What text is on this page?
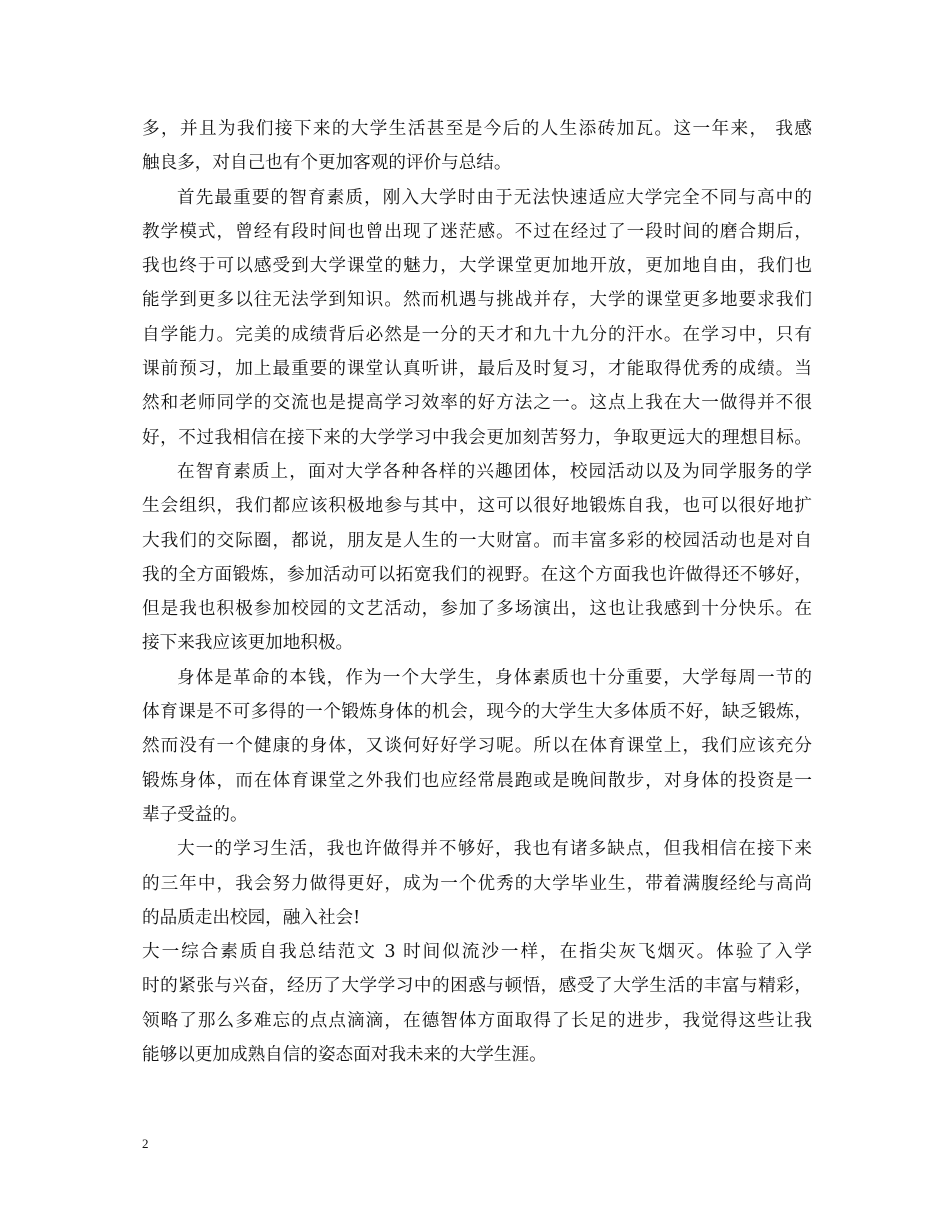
多，并且为我们接下来的大学生活甚至是今后的人生添砖加瓦。这一年来， 我感
触良多，对自己也有个更加客观的评价与总结。
首先最重要的智育素质，刚入大学时由于无法快速适应大学完全不同与高中的
教学模式，曾经有段时间也曾出现了迷茫感。不过在经过了一段时间的磨合期后，
我也终于可以感受到大学课堂的魅力，大学课堂更加地开放，更加地自由，我们也
能学到更多以往无法学到知识。然而机遇与挑战并存，大学的课堂更多地要求我们
自学能力。完美的成绩背后必然是一分的天才和九十九分的汗水。在学习中，只有
课前预习，加上最重要的课堂认真听讲，最后及时复习，才能取得优秀的成绩。当
然和老师同学的交流也是提高学习效率的好方法之一。这点上我在大一做得并不很
好，不过我相信在接下来的大学学习中我会更加刻苦努力，争取更远大的理想目标。
在智育素质上，面对大学各种各样的兴趣团体，校园活动以及为同学服务的学
生会组织，我们都应该积极地参与其中，这可以很好地锻炼自我，也可以很好地扩
大我们的交际圈，都说，朋友是人生的一大财富。而丰富多彩的校园活动也是对自
我的全方面锻炼，参加活动可以拓宽我们的视野。在这个方面我也许做得还不够好，
但是我也积极参加校园的文艺活动，参加了多场演出，这也让我感到十分快乐。在
接下来我应该更加地积极。
身体是革命的本钱，作为一个大学生，身体素质也十分重要，大学每周一节的
体育课是不可多得的一个锻炼身体的机会，现今的大学生大多体质不好，缺乏锻炼，
然而没有一个健康的身体，又谈何好好学习呢。所以在体育课堂上，我们应该充分
锻炼身体，而在体育课堂之外我们也应经常晨跑或是晚间散步，对身体的投资是一
辈子受益的。
大一的学习生活，我也许做得并不够好，我也有诸多缺点，但我相信在接下来
的三年中，我会努力做得更好，成为一个优秀的大学毕业生，带着满腹经纶与高尚
的品质走出校园，融入社会!
大一综合素质自我总结范文 3 时间似流沙一样，在指尖灰飞烟灭。体验了入学
时的紧张与兴奋，经历了大学学习中的困惑与顿悟，感受了大学生活的丰富与精彩，
领略了那么多难忘的点点滴滴，在德智体方面取得了长足的进步，我觉得这些让我
能够以更加成熟自信的姿态面对我未来的大学生涯。
2
